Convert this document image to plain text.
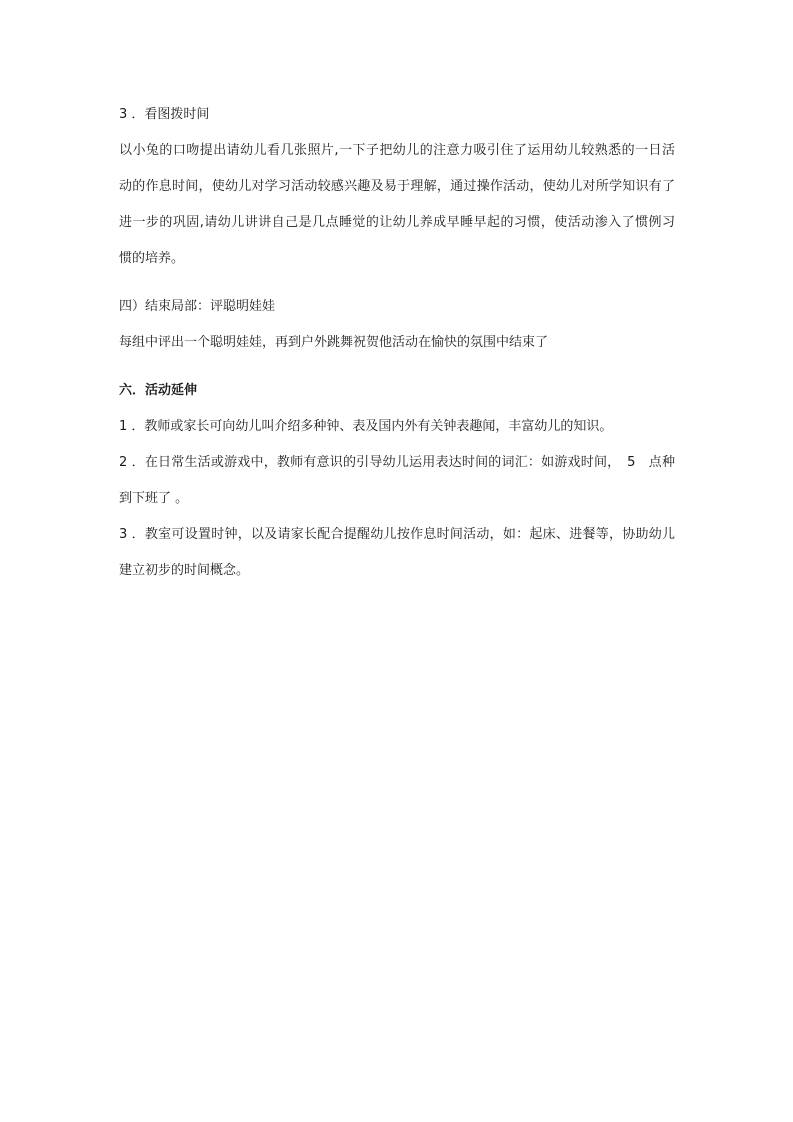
3 ．看图拨时间

以小兔的口吻提出请幼儿看几张照片,一下子把幼儿的注意力吸引住了运用幼儿较熟悉的一日活

动的作息时间，使幼儿对学习活动较感兴趣及易于理解，通过操作活动，使幼儿对所学知识有了

进一步的巩固,请幼儿讲讲自己是几点睡觉的让幼儿养成早睡早起的习惯，使活动渗入了惯例习

惯的培养。

四）结束局部：评聪明娃娃

每组中评出一个聪明娃娃，再到户外跳舞祝贺他活动在愉快的氛围中结束了

六．活动延伸

1 ．教师或家长可向幼儿叫介绍多种钟、表及国内外有关钟表趣闻，丰富幼儿的知识。

2 ．在日常生活或游戏中，教师有意识的引导幼儿运用表达时间的词汇：如游戏时间，　5　点种

到下班了 。

3 ．教室可设置时钟，以及请家长配合提醒幼儿按作息时间活动，如：起床、进餐等，协助幼儿

建立初步的时间概念。
